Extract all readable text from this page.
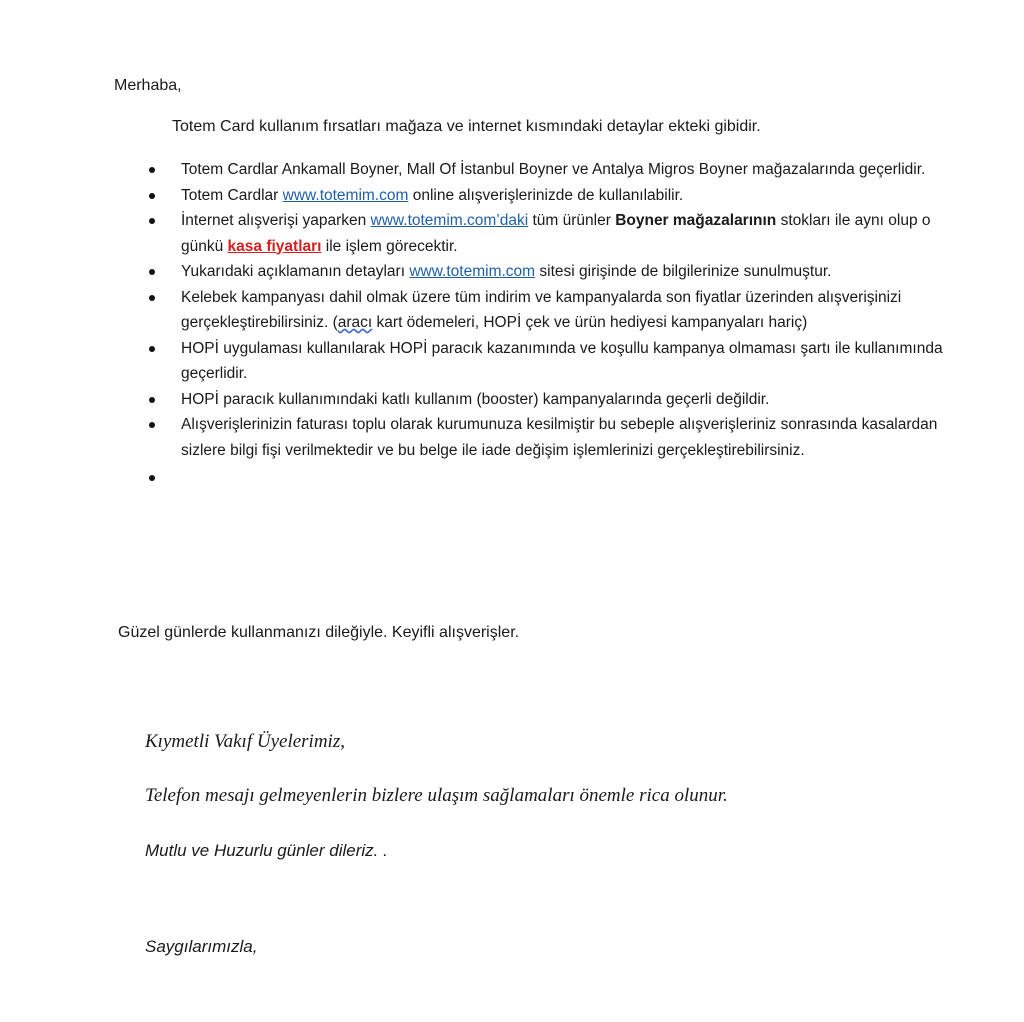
Merhaba,
Totem Card kullanım fırsatları mağaza ve internet kısmındaki detaylar ekteki gibidir.
Totem Cardlar Ankamall Boyner, Mall Of İstanbul Boyner ve Antalya Migros Boyner mağazalarında geçerlidir.
Totem Cardlar www.totemim.com online alışverişlerinizde de kullanılabilir.
İnternet alışverişi yaparken www.totemim.com’daki tüm ürünler Boyner mağazalarının stokları ile aynı olup o günkü kasa fiyatları ile işlem görecektir.
Yukarıdaki açıklamanın detayları www.totemim.com sitesi girişinde de bilgilerinize sunulmuştur.
Kelebek kampanyası dahil olmak üzere tüm indirim ve kampanyalarda son fiyatlar üzerinden alışverişinizi gerçekleştirebilirsiniz. (aracı kart ödemeleri, HOPİ çek ve ürün hediyesi kampanyaları hariç)
HOPİ uygulaması kullanılarak HOPİ paracık kazanımında ve koşullu kampanya olmaması şartı ile kullanımında geçerlidir.
HOPİ paracık kullanımındaki katlı kullanım (booster) kampanyalarında geçerli değildir.
Alışverişlerinizin faturası toplu olarak kurumunuza kesilmiştir bu sebeple alışverişleriniz sonrasında kasalardan sizlere bilgi fişi verilmektedir ve bu belge ile iade değişim işlemlerinizi gerçekleştirebilirsiniz.
Güzel günlerde kullanmanızı dileğiyle. Keyifli alışverişler.
Kıymetli Vakıf Üyelerimiz,
Telefon mesajı gelmeyenlerin bizlere ulaşım sağlamaları önemle rica olunur.
Mutlu ve Huzurlu günler dileriz. .
Saygılarımızla,
